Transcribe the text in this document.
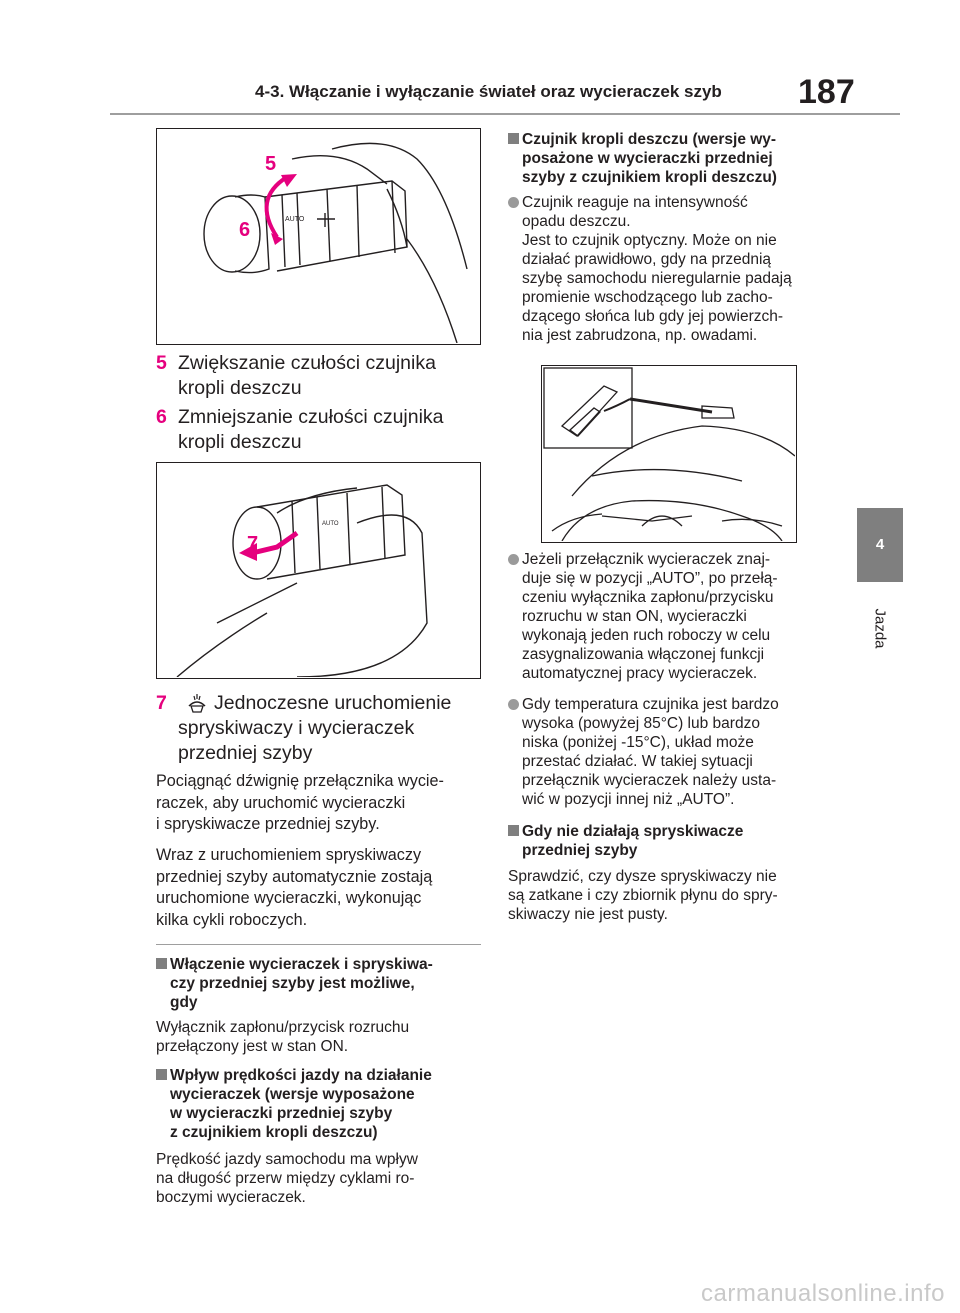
4-3. Włączanie i wyłączanie świateł oraz wycieraczek szyb 187
4
Jazda
AUTO
5
6
5 Zwiększanie czułości czujnika
kropli deszczu
6 Zmniejszanie czułości czujnika
kropli deszczu
AUTO
7
7	Jednoczesne uruchomienie
spryskiwaczy i wycieraczek
przedniej szyby
Pociągnąć dźwignię przełącznika wycie-
raczek, aby uruchomić wycieraczki
i spryskiwacze przedniej szyby.
Wraz z uruchomieniem spryskiwaczy
przedniej szyby automatycznie zostają
uruchomione wycieraczki, wykonując
kilka cykli roboczych.
Włączenie wycieraczek i spryskiwa-
czy przedniej szyby jest możliwe,
gdy
Wyłącznik zapłonu/przycisk rozruchu
przełączony jest w stan ON.
Wpływ prędkości jazdy na działanie
wycieraczek (wersje wyposażone
w wycieraczki przedniej szyby
z czujnikiem kropli deszczu)
Prędkość jazdy samochodu ma wpływ
na długość przerw między cyklami ro-
boczymi wycieraczek.
Czujnik kropli deszczu (wersje wy-
posażone w wycieraczki przedniej
szyby z czujnikiem kropli deszczu)
Czujnik reaguje na intensywność
opadu deszczu.
Jest to czujnik optyczny. Może on nie
działać prawidłowo, gdy na przednią
szybę samochodu nieregularnie padają
promienie wschodzącego lub zacho-
dzącego słońca lub gdy jej powierzch-
nia jest zabrudzona, np. owadami.
Jeżeli przełącznik wycieraczek znaj-
duje się w pozycji „AUTO”, po przełą-
czeniu wyłącznika zapłonu/przycisku
rozruchu w stan ON, wycieraczki
wykonają jeden ruch roboczy w celu
zasygnalizowania włączonej funkcji
automatycznej pracy wycieraczek.
Gdy temperatura czujnika jest bardzo
wysoka (powyżej 85°C) lub bardzo
niska (poniżej -15°C), układ może
przestać działać. W takiej sytuacji
przełącznik wycieraczek należy usta-
wić w pozycji innej niż „AUTO”.
Gdy nie działają spryskiwacze
przedniej szyby
Sprawdzić, czy dysze spryskiwaczy nie
są zatkane i czy zbiornik płynu do spry-
skiwaczy nie jest pusty.
carmanualsonline.info
